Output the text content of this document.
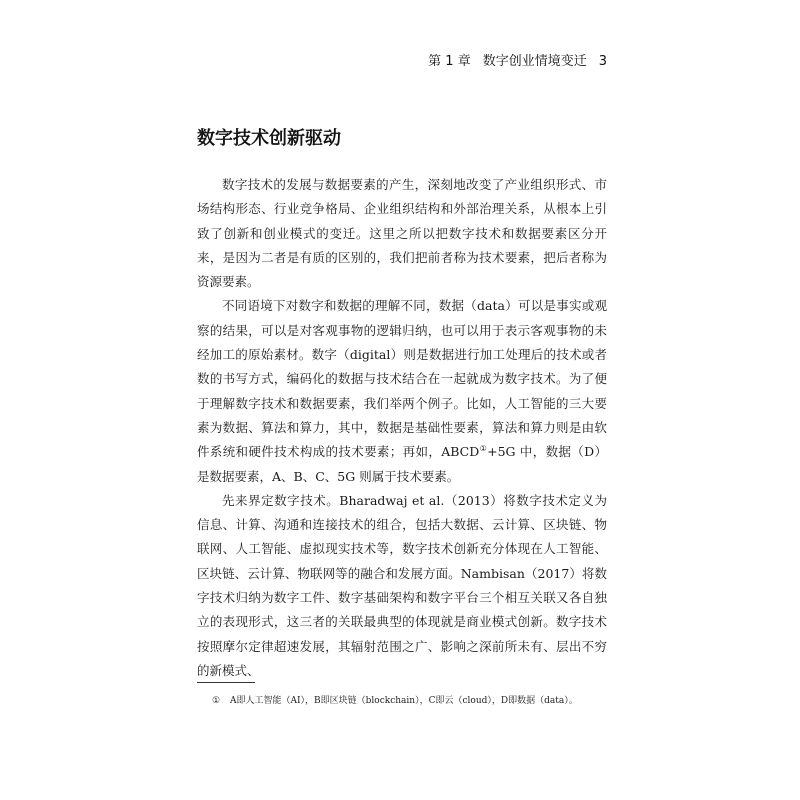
第 1 章 数字创业情境变迁 3
数字技术创新驱动

数字技术的发展与数据要素的产生，深刻地改变了产业组织形式、市场结构形态、行业竞争格局、企业组织结构和外部治理关系，从根本上引致了创新和创业模式的变迁。这里之所以把数字技术和数据要素区分开来，是因为二者是有质的区别的，我们把前者称为技术要素，把后者称为资源要素。

不同语境下对数字和数据的理解不同，数据（data）可以是事实或观察的结果，可以是对客观事物的逻辑归纳，也可以用于表示客观事物的未经加工的原始素材。数字（digital）则是数据进行加工处理后的技术或者数的书写方式，编码化的数据与技术结合在一起就成为数字技术。为了便于理解数字技术和数据要素，我们举两个例子。比如，人工智能的三大要素为数据、算法和算力，其中，数据是基础性要素，算法和算力则是由软件系统和硬件技术构成的技术要素；再如，ABCD①+5G 中，数据（D）是数据要素，A、B、C、5G 则属于技术要素。

先来界定数字技术。Bharadwaj et al.（2013）将数字技术定义为信息、计算、沟通和连接技术的组合，包括大数据、云计算、区块链、物联网、人工智能、虚拟现实技术等，数字技术创新充分体现在人工智能、区块链、云计算、物联网等的融合和发展方面。Nambisan（2017）将数字技术归纳为数字工件、数字基础架构和数字平台三个相互关联又各自独立的表现形式，这三者的关联最典型的体现就是商业模式创新。数字技术按照摩尔定律超速发展，其辐射范围之广、影响之深前所未有、层出不穷的新模式、

① A即人工智能（AI），B即区块链（blockchain），C即云（cloud），D即数据（data）。
